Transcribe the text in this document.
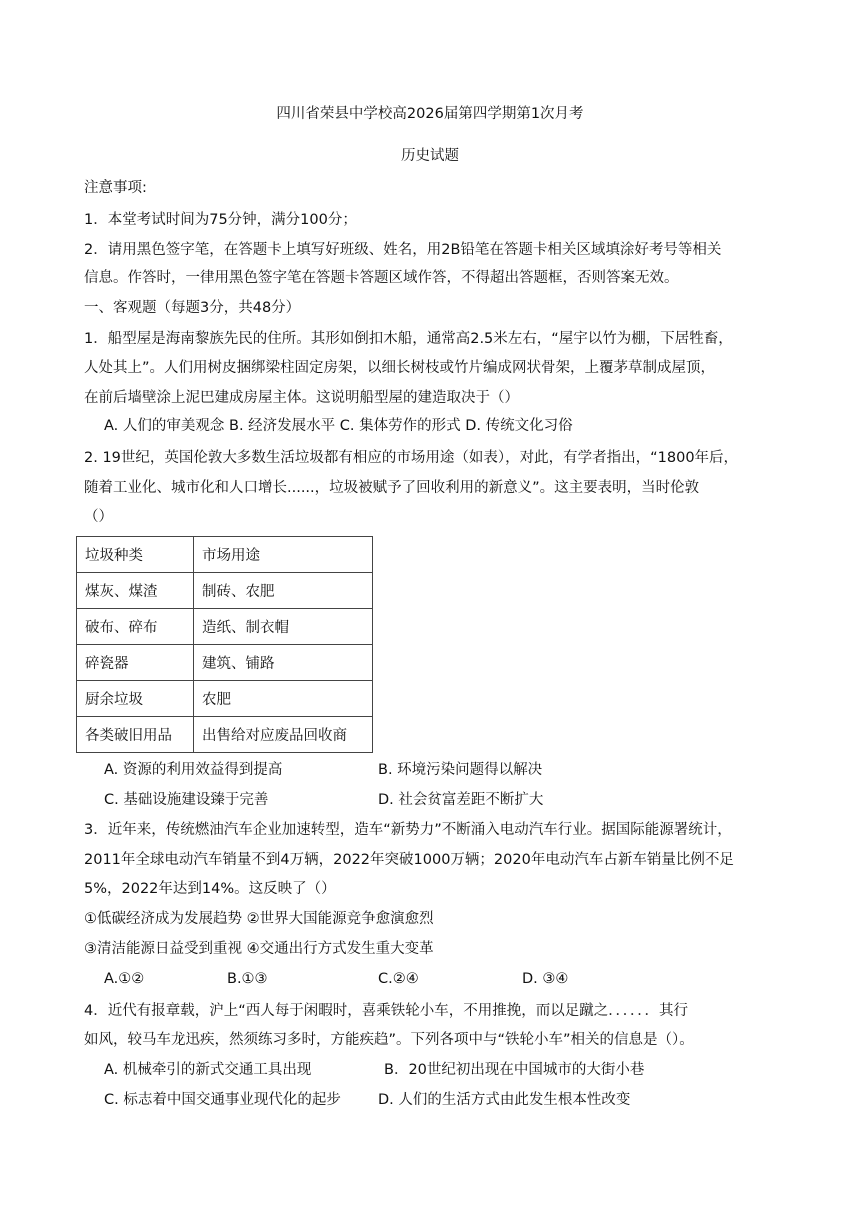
四川省荣县中学校高2026届第四学期第1次月考
历史试题
注意事项:
1．本堂考试时间为75分钟，满分100分；
2．请用黑色签字笔，在答题卡上填写好班级、姓名，用2B铅笔在答题卡相关区域填涂好考号等相关
信息。作答时，一律用黑色签字笔在答题卡答题区域作答，不得超出答题框，否则答案无效。
一、客观题（每题3分，共48分）
1．船型屋是海南黎族先民的住所。其形如倒扣木船，通常高2.5米左右，“屋宇以竹为棚，下居牲畜，
人处其上”。人们用树皮捆绑梁柱固定房架，以细长树枝或竹片编成网状骨架，上覆茅草制成屋顶，
在前后墙壁涂上泥巴建成房屋主体。这说明船型屋的建造取决于（）
A. 人们的审美观念 B. 经济发展水平 C. 集体劳作的形式 D. 传统文化习俗
2. 19世纪，英国伦敦大多数生活垃圾都有相应的市场用途（如表），对此，有学者指出，“1800年后，
随着工业化、城市化和人口增长......，垃圾被赋予了回收利用的新意义”。这主要表明，当时伦敦
（）
垃圾种类	市场用途
煤灰、煤渣	制砖、农肥
破布、碎布	造纸、制衣帽
碎瓷器	建筑、铺路
厨余垃圾	农肥
各类破旧用品	出售给对应废品回收商
A. 资源的利用效益得到提高	B. 环境污染问题得以解决
C. 基础设施建设臻于完善	D. 社会贫富差距不断扩大
3．近年来，传统燃油汽车企业加速转型，造车“新势力”不断涌入电动汽车行业。据国际能源署统计，
2011年全球电动汽车销量不到4万辆，2022年突破1000万辆；2020年电动汽车占新车销量比例不足
5%，2022年达到14%。这反映了（）
①低碳经济成为发展趋势 ②世界大国能源竞争愈演愈烈
③清洁能源日益受到重视 ④交通出行方式发生重大变革
A.①②	B.①③	C.②④	D. ③④
4．近代有报章载，沪上“西人每于闲暇时，喜乘铁轮小车，不用推挽，而以足蹴之．．．．．．其行
如风，较马车龙迅疾，然须练习多时，方能疾趋”。下列各项中与“铁轮小车”相关的信息是（）。
A. 机械牵引的新式交通工具出现	B．20世纪初出现在中国城市的大街小巷
C. 标志着中国交通事业现代化的起步	D. 人们的生活方式由此发生根本性改变
